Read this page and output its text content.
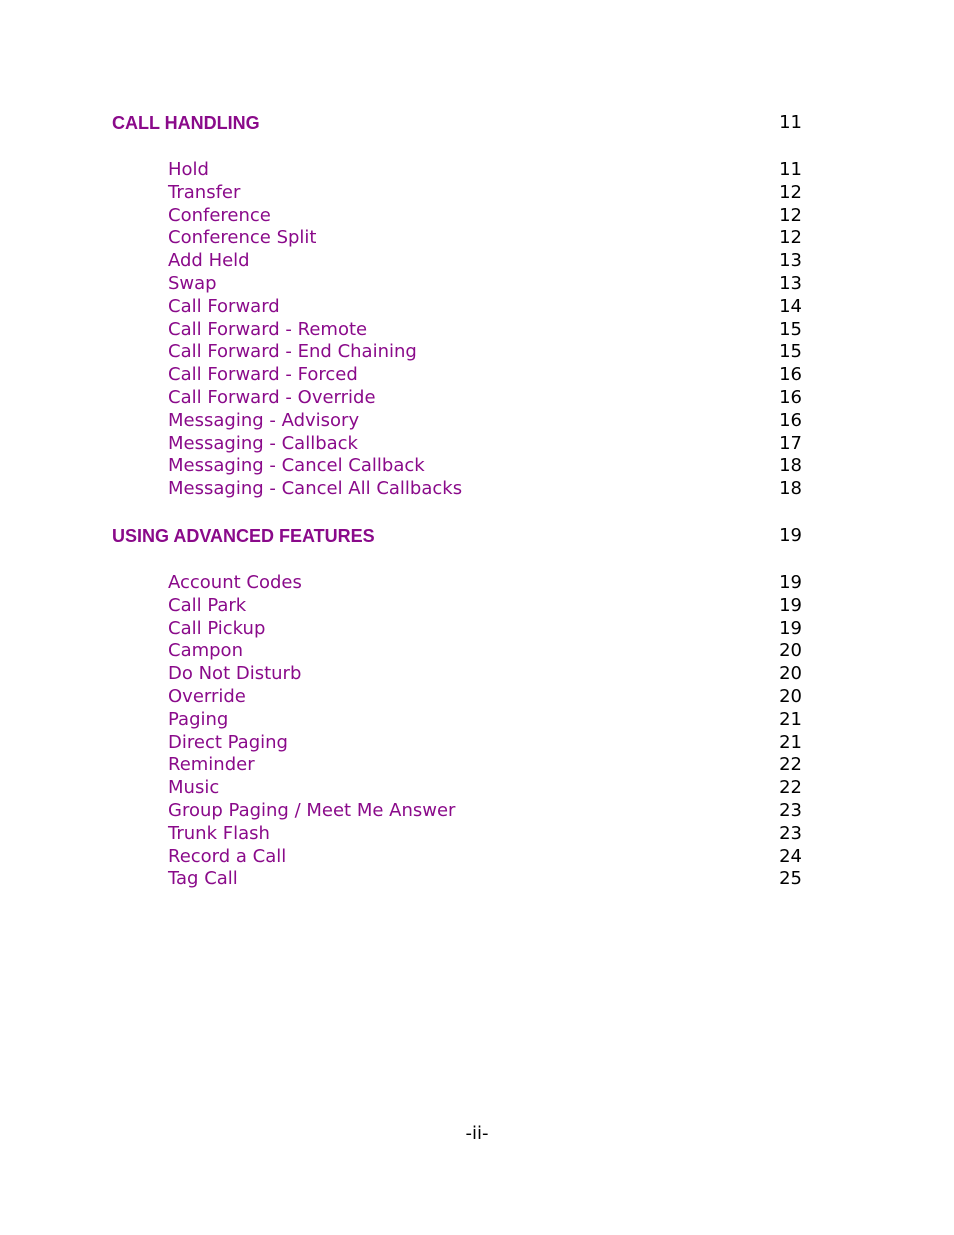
CALL HANDLING	11
Hold	11
Transfer	12
Conference	12
Conference Split	12
Add Held	13
Swap	13
Call Forward	14
Call Forward - Remote	15
Call Forward - End Chaining	15
Call Forward - Forced	16
Call Forward - Override	16
Messaging - Advisory	16
Messaging - Callback	17
Messaging - Cancel Callback	18
Messaging - Cancel All Callbacks	18
USING ADVANCED FEATURES	19
Account Codes	19
Call Park	19
Call Pickup	19
Campon	20
Do Not Disturb	20
Override	20
Paging	21
Direct Paging	21
Reminder	22
Music	22
Group Paging / Meet Me Answer	23
Trunk Flash	23
Record a Call	24
Tag Call	25
-ii-
